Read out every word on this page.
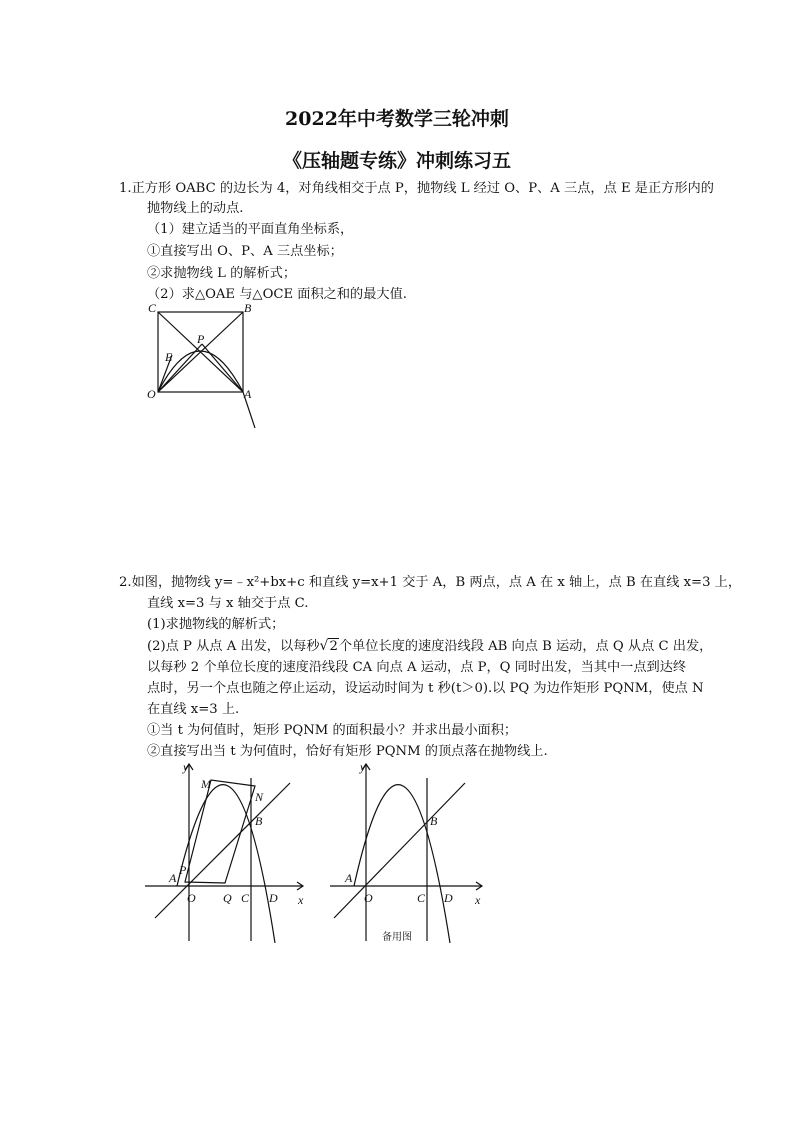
2022年中考数学三轮冲刺
《压轴题专练》冲刺练习五
1.正方形 OABC 的边长为 4，对角线相交于点 P，抛物线 L 经过 O、P、A 三点，点 E 是正方形内的
抛物线上的动点.
（1）建立适当的平面直角坐标系，
①直接写出 O、P、A 三点坐标；
②求抛物线 L 的解析式；
（2）求△OAE 与△OCE 面积之和的最大值.
C	B
P
E
O	A
2.如图，抛物线 y=﹣x²+bx+c 和直线 y=x+1 交于 A，B 两点，点 A 在 x 轴上，点 B 在直线 x=3 上，
直线 x=3 与 x 轴交于点 C.
(1)求抛物线的解析式；
(2)点 P 从点 A 出发，以每秒√2个单位长度的速度沿线段 AB 向点 B 运动，点 Q 从点 C 出发，
以每秒 2 个单位长度的速度沿线段 CA 向点 A 运动，点 P，Q 同时出发，当其中一点到达终
点时，另一个点也随之停止运动，设运动时间为 t 秒(t＞0).以 PQ 为边作矩形 PQNM，使点 N
在直线 x=3 上.
①当 t 为何值时，矩形 PQNM 的面积最小？并求出最小面积；
②直接写出当 t 为何值时，恰好有矩形 PQNM 的顶点落在抛物线上.
y
x
M
N
B
A
P
O Q C D
y
x
B
A
O	C D
备用图
